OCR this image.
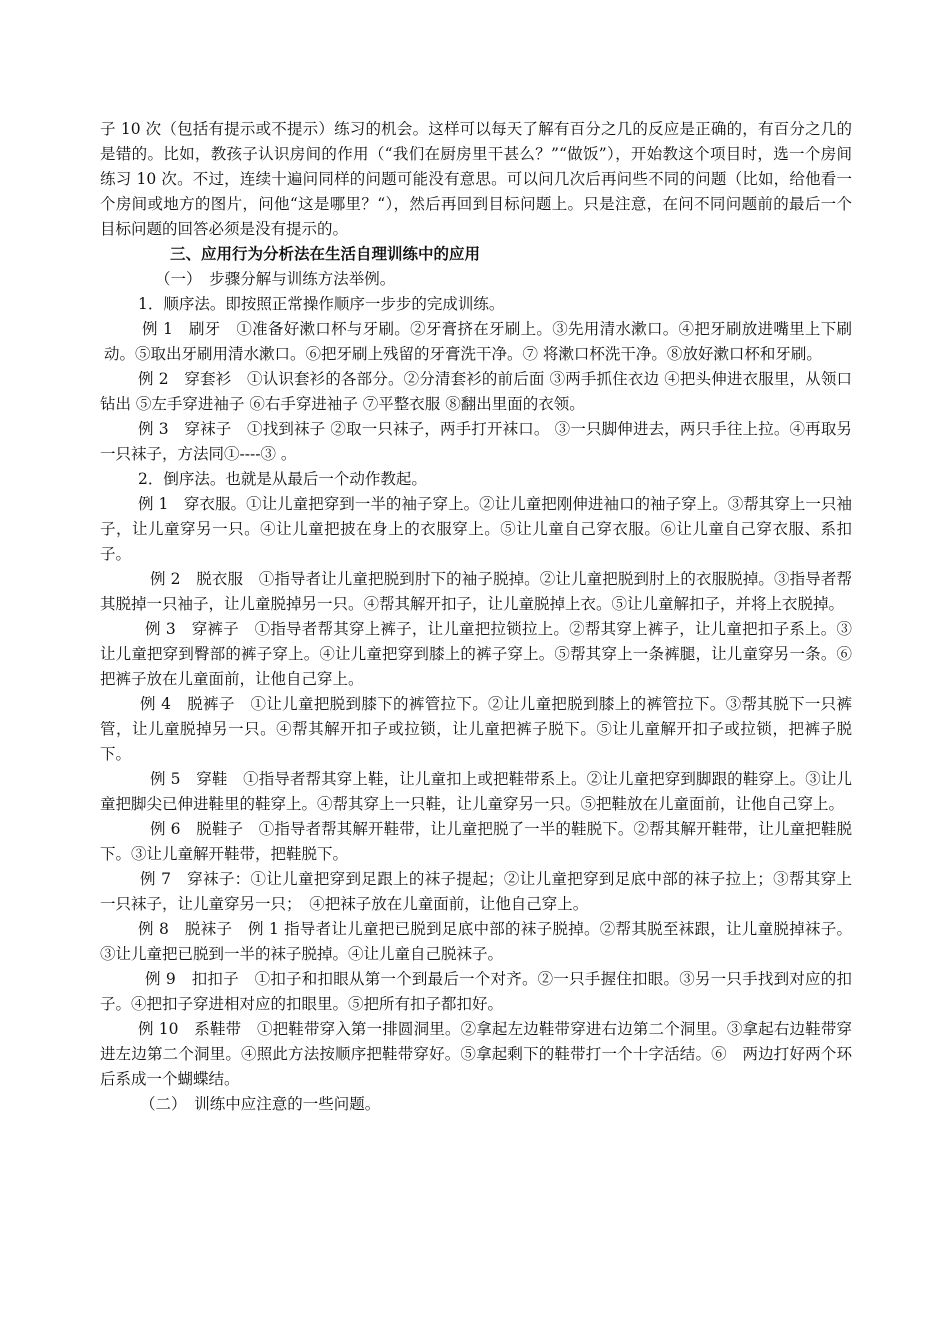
子 10 次（包括有提示或不提示）练习的机会。这样可以每天了解有百分之几的反应是正确的，有百分之几的是错的。比如，教孩子认识房间的作用（“我们在厨房里干甚么？”“做饭”），开始教这个项目时，选一个房间练习 10 次。不过，连续十遍问同样的问题可能没有意思。可以问几次后再问些不同的问题（比如，给他看一个房间或地方的图片，问他“这是哪里？“），然后再回到目标问题上。只是注意，在问不同问题前的最后一个目标问题的回答必须是没有提示的。

三、应用行为分析法在生活自理训练中的应用

（一）　步骤分解与训练方法举例。

1．顺序法。即按照正常操作顺序一步步的完成训练。

例 1　刷牙　①准备好漱口杯与牙刷。②牙膏挤在牙刷上。③先用清水漱口。④把牙刷放进嘴里上下刷动。⑤取出牙刷用清水漱口。⑥把牙刷上残留的牙膏洗干净。⑦ 将漱口杯洗干净。⑧放好漱口杯和牙刷。

例 2　穿套衫　①认识套衫的各部分。②分清套衫的前后面 ③两手抓住衣边 ④把头伸进衣服里，从领口钻出 ⑤左手穿进袖子 ⑥右手穿进袖子 ⑦平整衣服 ⑧翻出里面的衣领。

例 3　穿袜子　①找到袜子 ②取一只袜子，两手打开袜口。 ③一只脚伸进去，两只手往上拉。④再取另一只袜子，方法同①----③ 。

2．倒序法。也就是从最后一个动作教起。

例 1　穿衣服。①让儿童把穿到一半的袖子穿上。②让儿童把刚伸进袖口的袖子穿上。③帮其穿上一只袖子，让儿童穿另一只。④让儿童把披在身上的衣服穿上。⑤让儿童自己穿衣服。⑥让儿童自己穿衣服、系扣子。

例 2　脱衣服　①指导者让儿童把脱到肘下的袖子脱掉。②让儿童把脱到肘上的衣服脱掉。③指导者帮其脱掉一只袖子，让儿童脱掉另一只。④帮其解开扣子，让儿童脱掉上衣。⑤让儿童解扣子，并将上衣脱掉。

例 3　穿裤子　①指导者帮其穿上裤子，让儿童把拉锁拉上。②帮其穿上裤子，让儿童把扣子系上。③让儿童把穿到臀部的裤子穿上。④让儿童把穿到膝上的裤子穿上。⑤帮其穿上一条裤腿，让儿童穿另一条。⑥把裤子放在儿童面前，让他自己穿上。

例 4　脱裤子　①让儿童把脱到膝下的裤管拉下。②让儿童把脱到膝上的裤管拉下。③帮其脱下一只裤管，让儿童脱掉另一只。④帮其解开扣子或拉锁，让儿童把裤子脱下。⑤让儿童解开扣子或拉锁，把裤子脱下。

例 5　穿鞋　①指导者帮其穿上鞋，让儿童扣上或把鞋带系上。②让儿童把穿到脚跟的鞋穿上。③让儿童把脚尖已伸进鞋里的鞋穿上。④帮其穿上一只鞋，让儿童穿另一只。⑤把鞋放在儿童面前，让他自己穿上。

例 6　脱鞋子　①指导者帮其解开鞋带，让儿童把脱了一半的鞋脱下。②帮其解开鞋带，让儿童把鞋脱下。③让儿童解开鞋带，把鞋脱下。

例 7　穿袜子：①让儿童把穿到足跟上的袜子提起；②让儿童把穿到足底中部的袜子拉上；③帮其穿上一只袜子，让儿童穿另一只；　④把袜子放在儿童面前，让他自己穿上。

例 8　脱袜子　例 1 指导者让儿童把已脱到足底中部的袜子脱掉。②帮其脱至袜跟，让儿童脱掉袜子。③让儿童把已脱到一半的袜子脱掉。④让儿童自己脱袜子。

例 9　扣扣子　①扣子和扣眼从第一个到最后一个对齐。②一只手握住扣眼。③另一只手找到对应的扣子。④把扣子穿进相对应的扣眼里。⑤把所有扣子都扣好。

例 10　系鞋带　①把鞋带穿入第一排圆洞里。②拿起左边鞋带穿进右边第二个洞里。③拿起右边鞋带穿进左边第二个洞里。④照此方法按顺序把鞋带穿好。⑤拿起剩下的鞋带打一个十字活结。⑥　两边打好两个环后系成一个蝴蝶结。

（二）　训练中应注意的一些问题。
